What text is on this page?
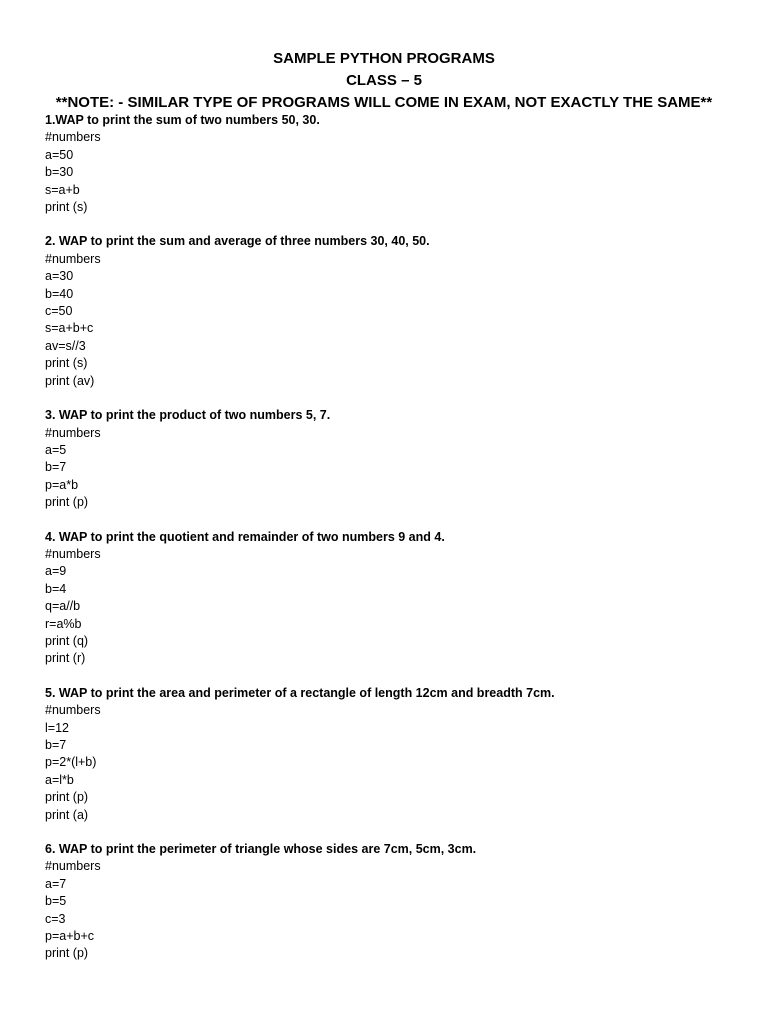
SAMPLE PYTHON PROGRAMS
CLASS – 5
**NOTE: - SIMILAR TYPE OF PROGRAMS WILL COME IN EXAM, NOT EXACTLY THE SAME**
1.WAP to print the sum of two numbers 50, 30.
#numbers
a=50
b=30
s=a+b
print (s)
2. WAP to print the sum and average of three numbers 30, 40, 50.
#numbers
a=30
b=40
c=50
s=a+b+c
av=s//3
print (s)
print (av)
3. WAP to print the product of two numbers 5, 7.
#numbers
a=5
b=7
p=a*b
print (p)
4. WAP to print the quotient and remainder of two numbers 9 and 4.
#numbers
a=9
b=4
q=a//b
r=a%b
print (q)
print (r)
5. WAP to print the area and perimeter of a rectangle of length 12cm and breadth 7cm.
#numbers
l=12
b=7
p=2*(l+b)
a=l*b
print (p)
print (a)
6. WAP to print the perimeter of triangle whose sides are 7cm, 5cm, 3cm.
#numbers
a=7
b=5
c=3
p=a+b+c
print (p)
